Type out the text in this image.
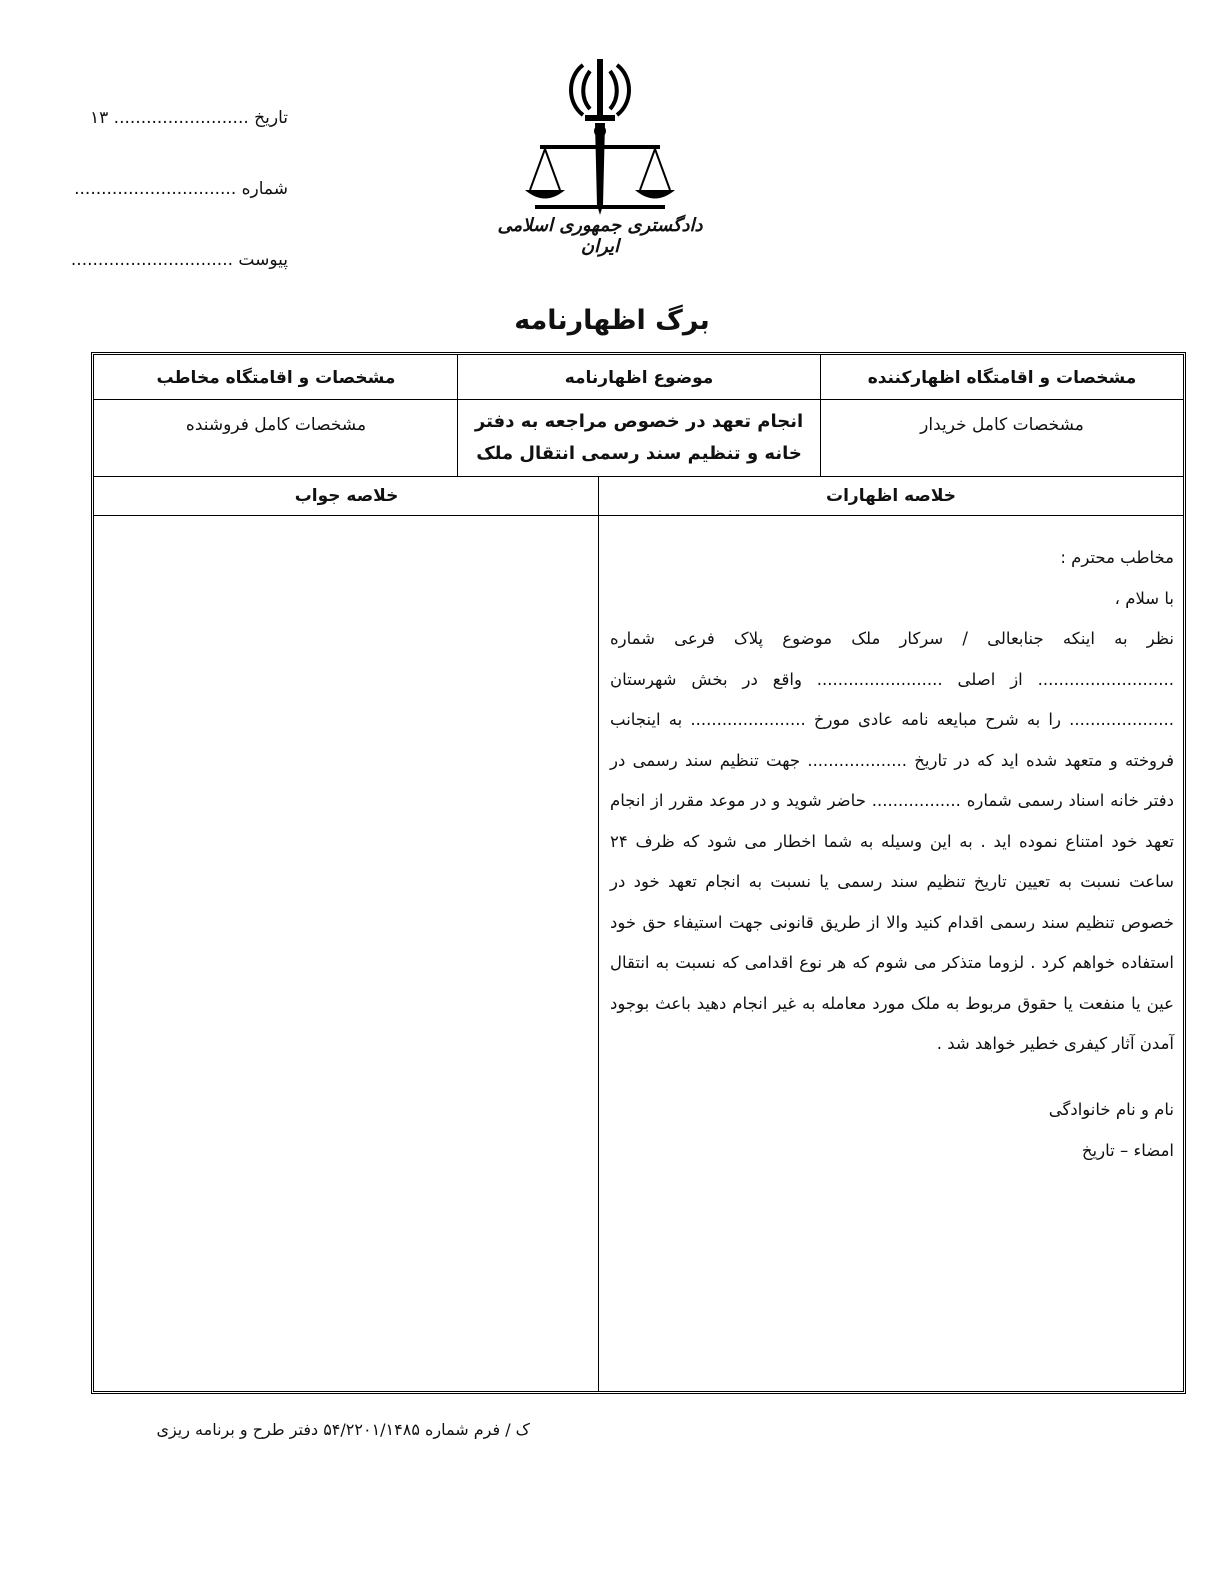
تاریخ ......................... ۱۳
شماره ..............................
پیوست ..............................
دادگستری جمهوری اسلامی ایران
برگ اظهارنامه
مشخصات و اقامتگاه اظهارکننده
موضوع اظهارنامه
مشخصات و اقامتگاه مخاطب
مشخصات کامل خریدار
انجام تعهد در خصوص مراجعه به دفتر
خانه و تنظیم سند رسمی انتقال ملک
مشخصات کامل فروشنده
خلاصه اظهارات
خلاصه جواب

مخاطب محترم :

با سلام ،

نظر به اینکه جنابعالی / سرکار ملک موضوع پلاک فرعی شماره .......................... از اصلی ........................ واقع در بخش شهرستان .................... را به شرح مبایعه نامه عادی مورخ ...................... به اینجانب فروخته و متعهد شده اید که در تاریخ ................... جهت تنظیم سند رسمی در دفتر خانه اسناد رسمی شماره ................. حاضر شوید و در موعد مقرر از انجام تعهد خود امتناع نموده اید . به این وسیله به شما اخطار می شود که ظرف ۲۴ ساعت نسبت به تعیین تاریخ تنظیم سند رسمی یا نسبت به انجام تعهد خود در خصوص تنظیم سند رسمی اقدام کنید والا از طریق قانونی جهت استیفاء حق خود استفاده خواهم کرد . لزوما متذکر می شوم که هر نوع اقدامی که نسبت به انتقال عین یا منفعت یا حقوق مربوط به ملک مورد معامله به غیر انجام دهید باعث بوجود آمدن آثار کیفری خطیر خواهد شد .

نام و نام خانوادگی
امضاء – تاریخ
ک / فرم شماره ۵۴/۲۲۰۱/۱۴۸۵ دفتر طرح و برنامه ریزی
